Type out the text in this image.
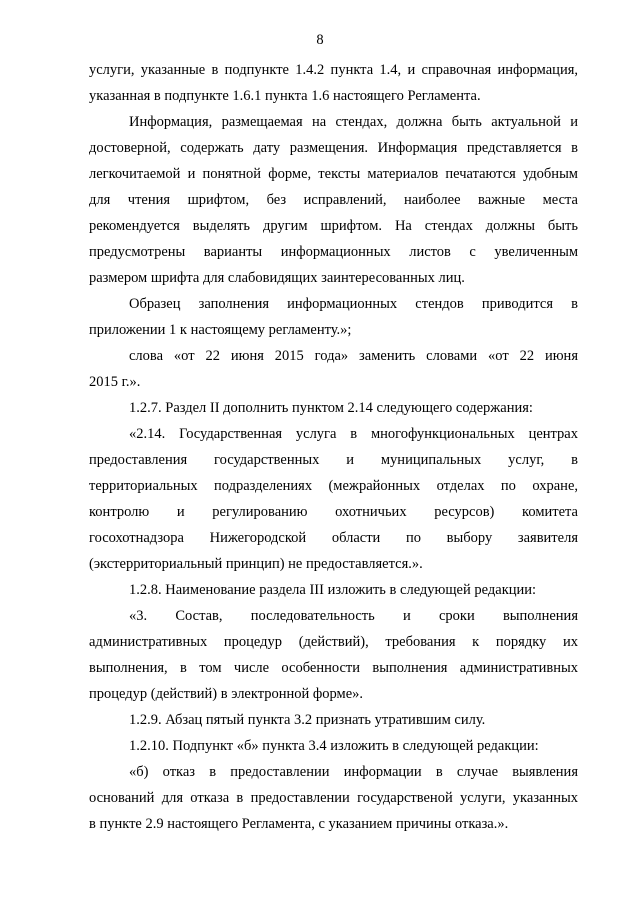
8
услуги, указанные в подпункте 1.4.2 пункта 1.4, и справочная информация,
указанная в подпункте 1.6.1 пункта 1.6 настоящего Регламента.
Информация, размещаемая на стендах, должна быть актуальной и
достоверной, содержать дату размещения. Информация представляется в
легкочитаемой и понятной форме, тексты материалов печатаются удобным
для чтения шрифтом, без исправлений, наиболее важные места
рекомендуется выделять другим шрифтом. На стендах должны быть
предусмотрены варианты информационных листов с увеличенным
размером шрифта для слабовидящих заинтересованных лиц.
Образец заполнения информационных стендов приводится в
приложении 1 к настоящему регламенту.»;
слова «от 22 июня 2015 года» заменить словами «от 22 июня
2015 г.».
1.2.7. Раздел II дополнить пунктом 2.14 следующего содержания:
«2.14. Государственная услуга в многофункциональных центрах
предоставления государственных и муниципальных услуг, в
территориальных подразделениях (межрайонных отделах по охране,
контролю и регулированию охотничьих ресурсов) комитета
госохотнадзора Нижегородской области по выбору заявителя
(экстерриториальный принцип) не предоставляется.».
1.2.8. Наименование раздела III изложить в следующей редакции:
«3. Состав, последовательность и сроки выполнения
административных процедур (действий), требования к порядку их
выполнения, в том числе особенности выполнения административных
процедур (действий) в электронной форме».
1.2.9. Абзац пятый пункта 3.2 признать утратившим силу.
1.2.10. Подпункт «б» пункта 3.4 изложить в следующей редакции:
«б) отказ в предоставлении информации в случае выявления
оснований для отказа в предоставлении государственой услуги, указанных
в пункте 2.9 настоящего Регламента, с указанием причины отказа.».
